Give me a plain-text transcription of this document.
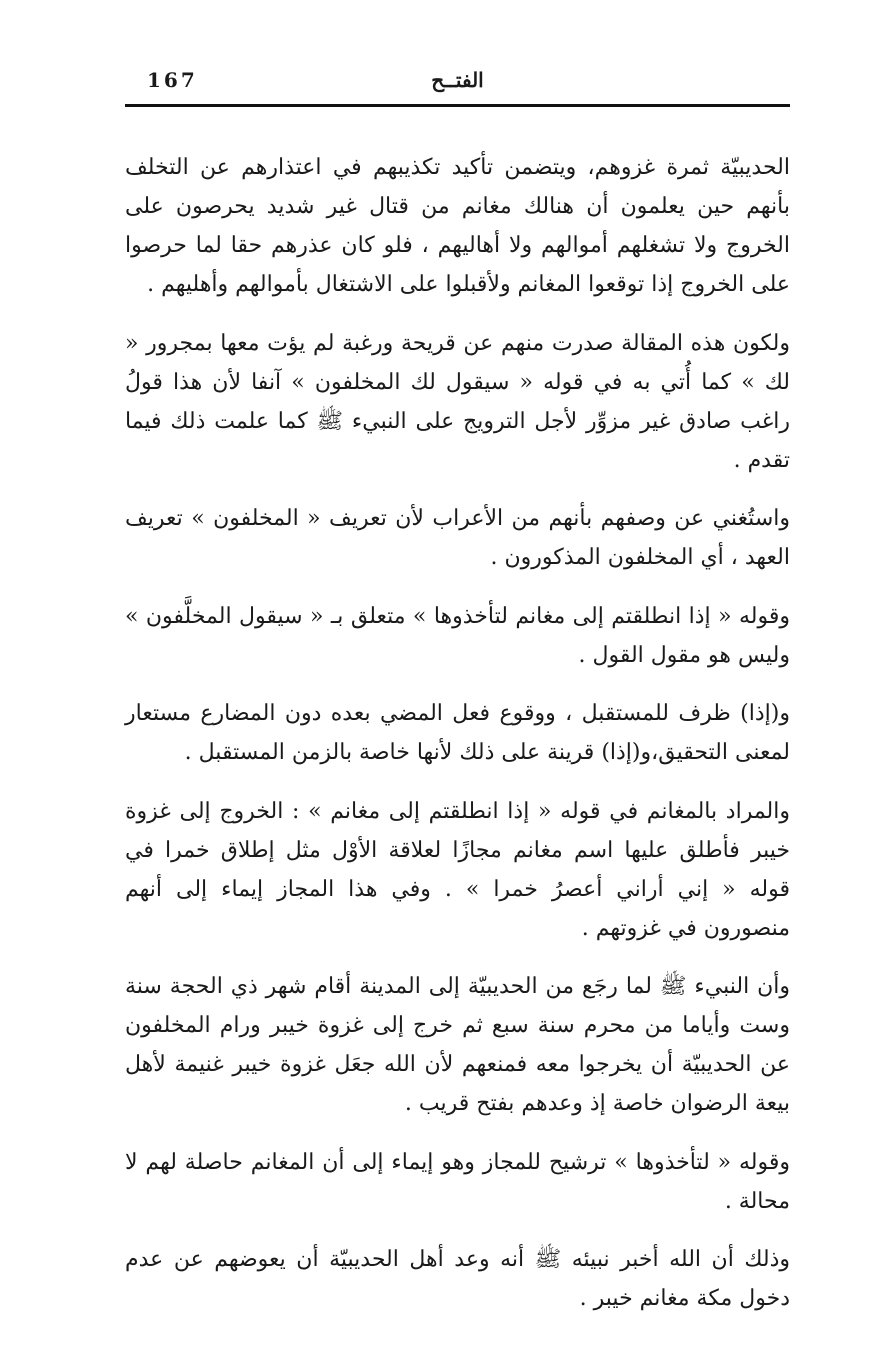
167	الفتــح

الحديبيّة ثمرة غزوهم، ويتضمن تأكيد تكذيبهم في اعتذارهم عن التخلف بأنهم حين يعلمون أن هنالك مغانم من قتال غير شديد يحرصون على الخروج ولا تشغلهم أموالهم ولا أهاليهم ، فلو كان عذرهم حقا لما حرصوا على الخروج إذا توقعوا المغانم ولأقبلوا على الاشتغال بأموالهم وأهليهم .

ولكون هذه المقالة صدرت منهم عن قريحة ورغبة لم يؤت معها بمجرور « لك » كما أُتي به في قوله « سيقول لك المخلفون » آنفا لأن هذا قولُ راغب صادق غير مزوِّر لأجل الترويج على النبيء ﷺ كما علمت ذلك فيما تقدم .

واستُغني عن وصفهم بأنهم من الأعراب لأن تعريف « المخلفون » تعريف العهد ، أي المخلفون المذكورون .

وقوله « إذا انطلقتم إلى مغانم لتأخذوها » متعلق بـ « سيقول المخلَّفون » وليس هو مقول القول .

و(إذا) ظرف للمستقبل ، ووقوع فعل المضي بعده دون المضارع مستعار لمعنى التحقيق،و(إذا) قرينة على ذلك لأنها خاصة بالزمن المستقبل .

والمراد بالمغانم في قوله « إذا انطلقتم إلى مغانم » : الخروج إلى غزوة خيبر فأطلق عليها اسم مغانم مجازًا لعلاقة الأوْل مثل إطلاق خمرا في قوله « إني أراني أعصرُ خمرا » . وفي هذا المجاز إيماء إلى أنهم منصورون في غزوتهم .

وأن النبيء ﷺ لما رجَع من الحديبيّة إلى المدينة أقام شهر ذي الحجة سنة وست وأياما من محرم سنة سبع ثم خرج إلى غزوة خيبر ورام المخلفون عن الحديبيّة أن يخرجوا معه فمنعهم لأن الله جعَل غزوة خيبر غنيمة لأهل بيعة الرضوان خاصة إذ وعدهم بفتح قريب .

وقوله « لتأخذوها » ترشيح للمجاز وهو إيماء إلى أن المغانم حاصلة لهم لا محالة .

وذلك أن الله أخبر نبيئه ﷺ أنه وعد أهل الحديبيّة أن يعوضهم عن عدم دخول مكة مغانم خيبر .
